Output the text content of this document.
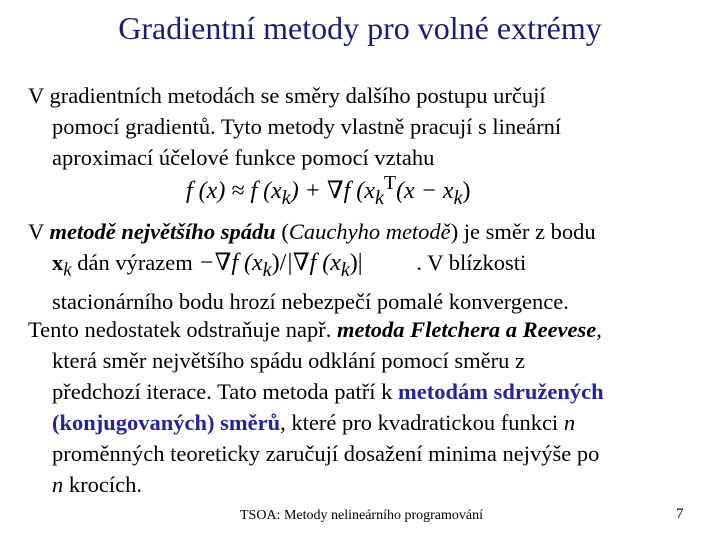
Gradientní metody pro volné extrémy
V gradientních metodách se směry dalšího postupu určují
pomocí gradientů. Tyto metody vlastně pracují s lineární
aproximací účelové funkce pomocí vztahu
f (x) ≈ f $(x_k) + \nabla f$ ($x_k^T(x - x_k)$
V metodě největšího spádu (Cauchyho metodě) je směr z bodu
$x_k$ dán výrazem −∇f $(x_k)/|\nabla f$ $(x_k)|$ . V blízkosti
stacionárního bodu hrozí nebezpečí pomalé konvergence.
Tento nedostatek odstraňuje např. metoda Fletchera a Reevese,
která směr největšího spádu odklání pomocí směru z
předchozí iterace. Tato metoda patří k metodám sdružených
(konjugovaných) směrů, které pro kvadratickou funkci n
proměnných teoreticky zaručují dosažení minima nejvýše po
n krocích.
TSOA: Metody nelineárního programování	7
